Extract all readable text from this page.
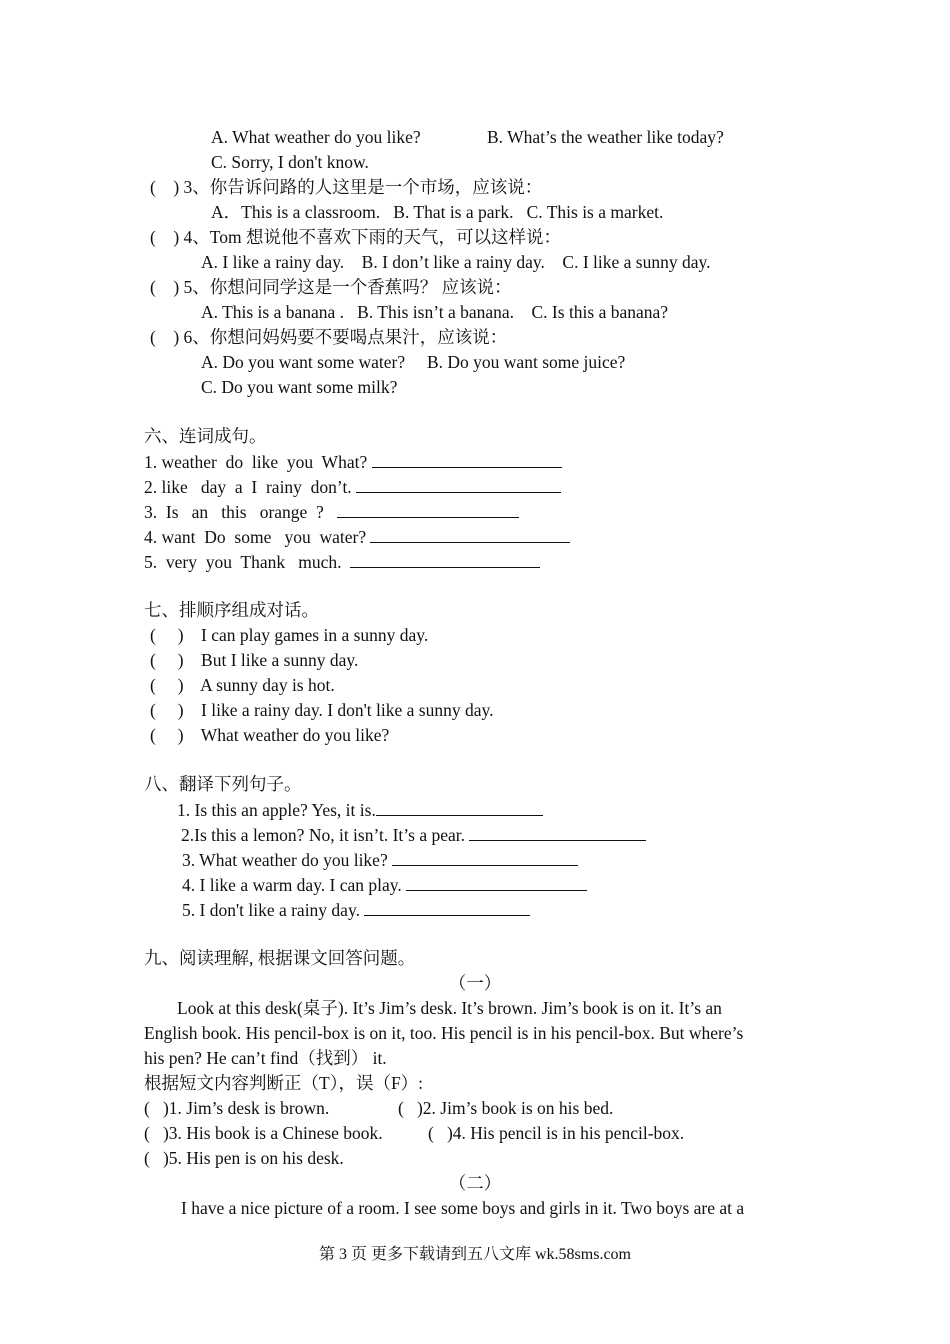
A. What weather do you like?	B. What’s the weather like today?
C. Sorry, I don't know.
(    ) 3、你告诉问路的人这里是一个市场，应该说：
A．This is a classroom.   B. That is a park.   C. This is a market.
(    ) 4、Tom 想说他不喜欢下雨的天气，可以这样说：
A. I like a rainy day.    B. I don’t like a rainy day.    C. I like a sunny day.
(    ) 5、你想问同学这是一个香蕉吗？ 应该说：
A. This is a banana .   B. This isn’t a banana.    C. Is this a banana?
(    ) 6、你想问妈妈要不要喝点果汁，应该说：
A. Do you want some water?     B. Do you want some juice?
C. Do you want some milk?
六、连词成句。
1. weather  do  like  you  What?
2. like   day  a  I  rainy  don’t.
3.  Is   an   this   orange  ?
4. want  Do  some   you  water?
5.  very  you  Thank   much.
七、排顺序组成对话。
(     )    I can play games in a sunny day.
(     )    But I like a sunny day.
(     )    A sunny day is hot.
(     )    I like a rainy day. I don't like a sunny day.
(     )    What weather do you like?
八、翻译下列句子。
1. Is this an apple? Yes, it is.
2.Is this a lemon? No, it isn’t. It’s a pear.
3. What weather do you like?
4. I like a warm day. I can play.
5. I don't like a rainy day.
九、阅读理解, 根据课文回答问题。
（一）
Look at this desk(桌子). It’s Jim’s desk. It’s brown. Jim’s book is on it. It’s an
English book. His pencil-box is on it, too. His pencil is in his pencil-box. But where’s
his pen? He can’t find（找到） it.
根据短文内容判断正（T），误（F）:
(   )1. Jim’s desk is brown.	(   )2. Jim’s book is on his bed.
(   )3. His book is a Chinese book.	(   )4. His pencil is in his pencil-box.
(   )5. His pen is on his desk.
（二）
I have a nice picture of a room. I see some boys and girls in it. Two boys are at a
第 3 页 更多下载请到五八文库 wk.58sms.com
